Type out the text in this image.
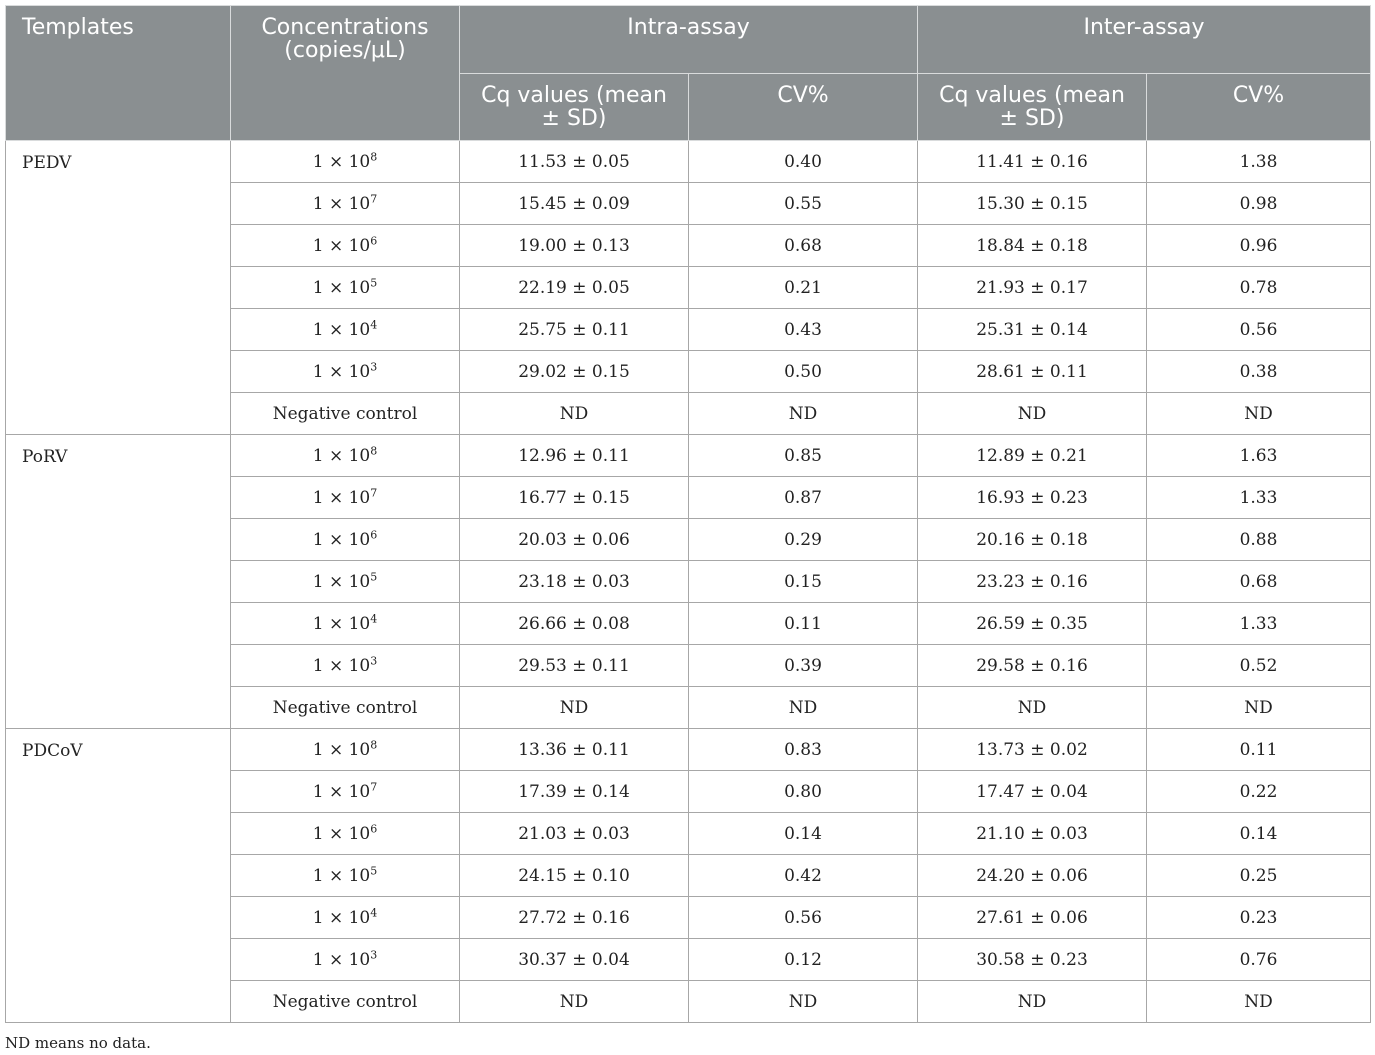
Templates	Concentrations (copies/μL)	Intra-assay		Inter-assay	
		Cq values (mean ± SD)	CV%	Cq values (mean ± SD)	CV%
PEDV	$1 \times 10^8$	11.53 ± 0.05	0.40	11.41 ± 0.16	1.38
	$1 \times 10^7$	15.45 ± 0.09	0.55	15.30 ± 0.15	0.98
	$1 \times 10^6$	19.00 ± 0.13	0.68	18.84 ± 0.18	0.96
	$1 \times 10^5$	22.19 ± 0.05	0.21	21.93 ± 0.17	0.78
	$1 \times 10^4$	25.75 ± 0.11	0.43	25.31 ± 0.14	0.56
	$1 \times 10^3$	29.02 ± 0.15	0.50	28.61 ± 0.11	0.38
	Negative control	ND	ND	ND	ND
PoRV	$1 \times 10^8$	12.96 ± 0.11	0.85	12.89 ± 0.21	1.63
	$1 \times 10^7$	16.77 ± 0.15	0.87	16.93 ± 0.23	1.33
	$1 \times 10^6$	20.03 ± 0.06	0.29	20.16 ± 0.18	0.88
	$1 \times 10^5$	23.18 ± 0.03	0.15	23.23 ± 0.16	0.68
	$1 \times 10^4$	26.66 ± 0.08	0.11	26.59 ± 0.35	1.33
	$1 \times 10^3$	29.53 ± 0.11	0.39	29.58 ± 0.16	0.52
	Negative control	ND	ND	ND	ND
PDCoV	$1 \times 10^8$	13.36 ± 0.11	0.83	13.73 ± 0.02	0.11
	$1 \times 10^7$	17.39 ± 0.14	0.80	17.47 ± 0.04	0.22
	$1 \times 10^6$	21.03 ± 0.03	0.14	21.10 ± 0.03	0.14
	$1 \times 10^5$	24.15 ± 0.10	0.42	24.20 ± 0.06	0.25
	$1 \times 10^4$	27.72 ± 0.16	0.56	27.61 ± 0.06	0.23
	$1 \times 10^3$	30.37 ± 0.04	0.12	30.58 ± 0.23	0.76
	Negative control	ND	ND	ND	ND
ND means no data.
